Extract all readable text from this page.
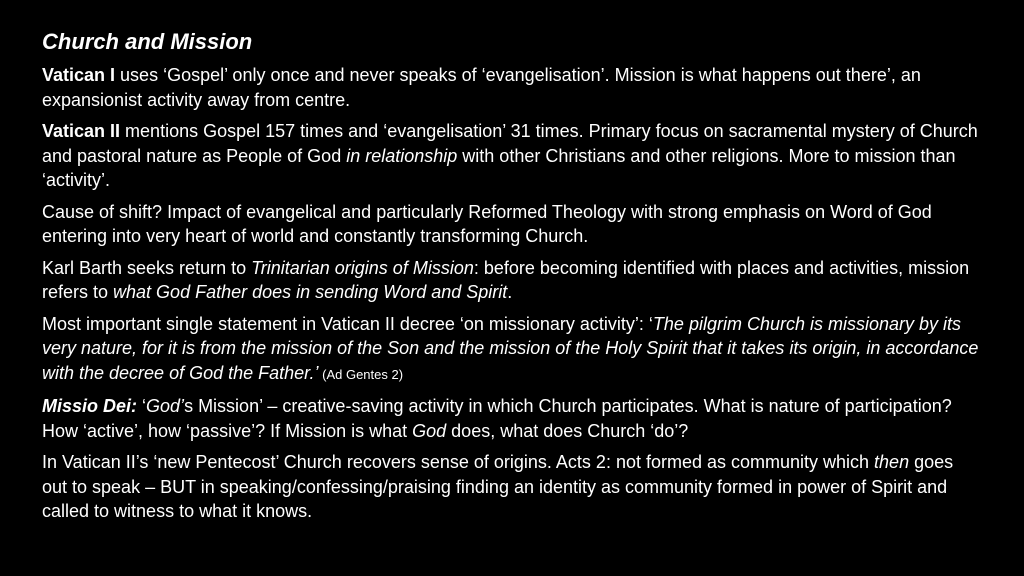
Church and Mission

Vatican I uses ‘Gospel’ only once and never speaks of ‘evangelisation’. Mission is what happens out there’, an expansionist activity away from centre.

Vatican II mentions Gospel 157 times and ‘evangelisation’ 31 times. Primary focus on sacramental mystery of Church and pastoral nature as People of God in relationship with other Christians and other religions. More to mission than ‘activity’.

Cause of shift? Impact of evangelical and particularly Reformed Theology with strong emphasis on Word of God entering into very heart of world and constantly transforming Church.

Karl Barth seeks return to Trinitarian origins of Mission: before becoming identified with places and activities, mission refers to what God Father does in sending Word and Spirit.

Most important single statement in Vatican II decree ‘on missionary activity’: ‘The pilgrim Church is missionary by its very nature, for it is from the mission of the Son and the mission of the Holy Spirit that it takes its origin, in accordance with the decree of God the Father.’ (Ad Gentes 2)

Missio Dei: ‘God’s Mission’ – creative-saving activity in which Church participates. What is nature of participation? How ‘active’, how ‘passive’? If Mission is what God does, what does Church ‘do’?

In Vatican II’s ‘new Pentecost’ Church recovers sense of origins. Acts 2: not formed as community which then goes out to speak – BUT in speaking/confessing/praising finding an identity as community formed in power of Spirit and called to witness to what it knows.
